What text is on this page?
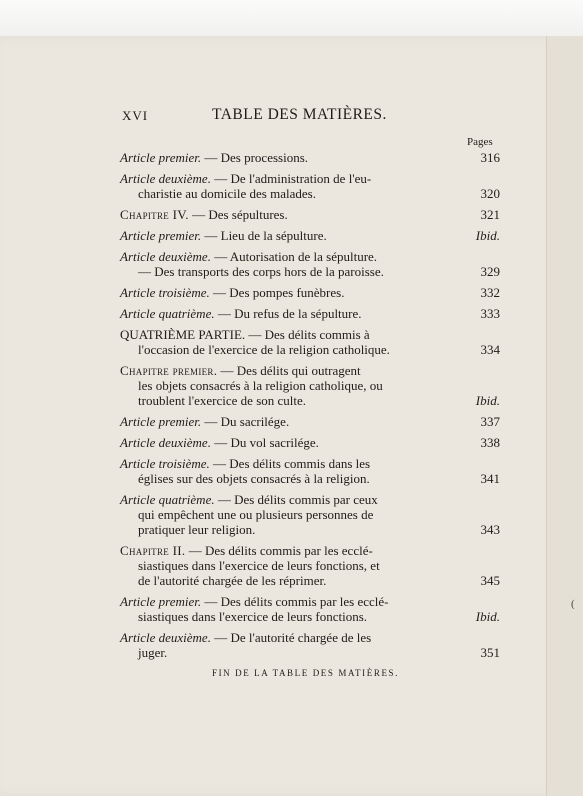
(
XVI	TABLE DES MATIÈRES.
Pages
Article premier. — Des processions.	316
Article deuxième. — De l'administration de l'eu-
charistie au domicile des malades.	320
Chapitre IV. — Des sépultures.	321
Article premier. — Lieu de la sépulture.	Ibid.
Article deuxième. — Autorisation de la sépulture.
— Des transports des corps hors de la paroisse.	329
Article troisième. — Des pompes funèbres.	332
Article quatrième. — Du refus de la sépulture.	333
QUATRIÈME PARTIE. — Des délits commis à
l'occasion de l'exercice de la religion catholique.	334
Chapitre premier. — Des délits qui outragent
les objets consacrés à la religion catholique, ou
troublent l'exercice de son culte.	Ibid.
Article premier. — Du sacrilége.	337
Article deuxième. — Du vol sacrilége.	338
Article troisième. — Des délits commis dans les
églises sur des objets consacrés à la religion.	341
Article quatrième. — Des délits commis par ceux
qui empêchent une ou plusieurs personnes de
pratiquer leur religion.	343
Chapitre II. — Des délits commis par les ecclé-
siastiques dans l'exercice de leurs fonctions, et
de l'autorité chargée de les réprimer.	345
Article premier. — Des délits commis par les ecclé-
siastiques dans l'exercice de leurs fonctions.	Ibid.
Article deuxième. — De l'autorité chargée de les
juger.	351
FIN DE LA TABLE DES MATIÈRES.
